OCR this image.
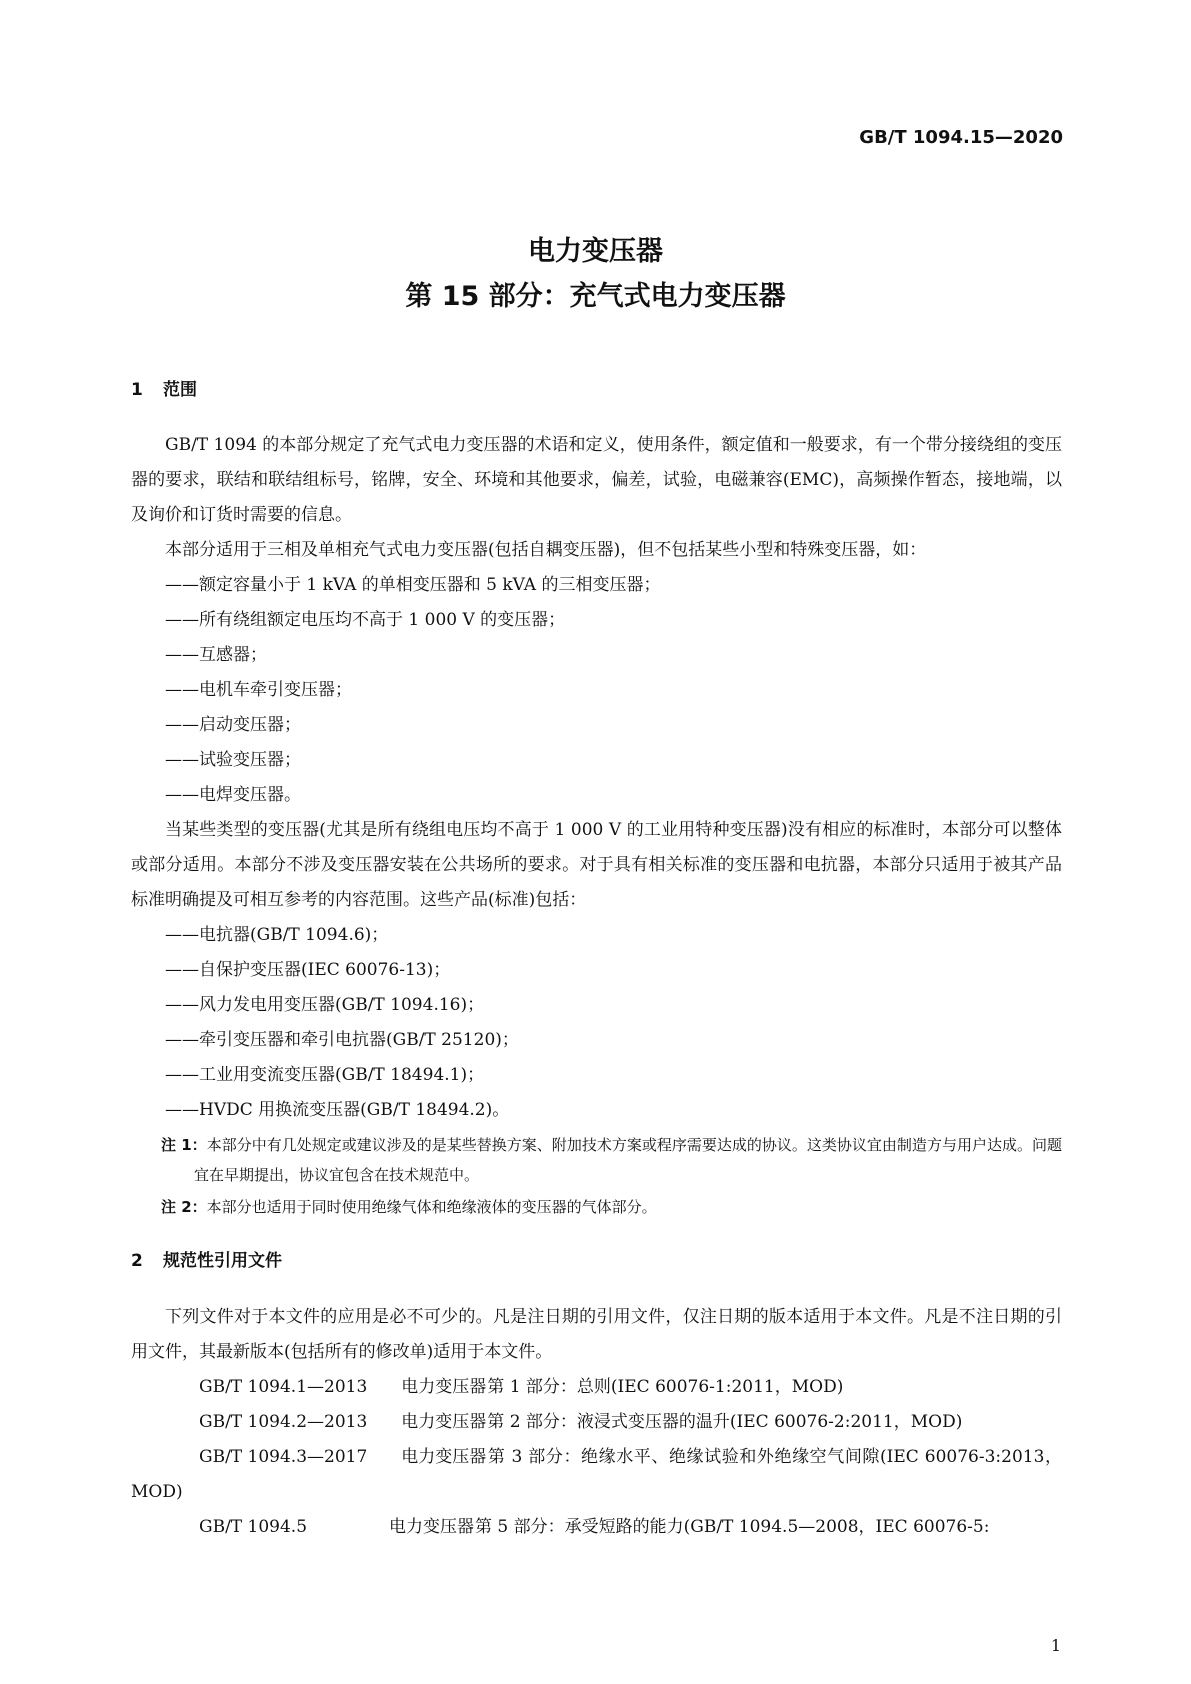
GB/T 1094.15—2020
电力变压器
第 15 部分：充气式电力变压器
1 范围

GB/T 1094 的本部分规定了充气式电力变压器的术语和定义，使用条件，额定值和一般要求，有一个带分接绕组的变压器的要求，联结和联结组标号，铭牌，安全、环境和其他要求，偏差，试验，电磁兼容(EMC)，高频操作暂态，接地端，以及询价和订货时需要的信息。

本部分适用于三相及单相充气式电力变压器(包括自耦变压器)，但不包括某些小型和特殊变压器，如：

——额定容量小于 1 kVA 的单相变压器和 5 kVA 的三相变压器；

——所有绕组额定电压均不高于 1 000 V 的变压器；

——互感器；

——电机车牵引变压器；

——启动变压器；

——试验变压器；

——电焊变压器。

当某些类型的变压器(尤其是所有绕组电压均不高于 1 000 V 的工业用特种变压器)没有相应的标准时，本部分可以整体或部分适用。本部分不涉及变压器安装在公共场所的要求。对于具有相关标准的变压器和电抗器，本部分只适用于被其产品标准明确提及可相互参考的内容范围。这些产品(标准)包括：

——电抗器(GB/T 1094.6)；

——自保护变压器(IEC 60076-13)；

——风力发电用变压器(GB/T 1094.16)；

——牵引变压器和牵引电抗器(GB/T 25120)；

——工业用变流变压器(GB/T 18494.1)；

——HVDC 用换流变压器(GB/T 18494.2)。

注 1：本部分中有几处规定或建议涉及的是某些替换方案、附加技术方案或程序需要达成的协议。这类协议宜由制造方与用户达成。问题宜在早期提出，协议宜包含在技术规范中。
注 2：本部分也适用于同时使用绝缘气体和绝缘液体的变压器的气体部分。
2 规范性引用文件

下列文件对于本文件的应用是必不可少的。凡是注日期的引用文件，仅注日期的版本适用于本文件。凡是不注日期的引用文件，其最新版本(包括所有的修改单)适用于本文件。

GB/T 1094.1—2013 电力变压器第 1 部分：总则(IEC 60076-1:2011，MOD)

GB/T 1094.2—2013 电力变压器第 2 部分：液浸式变压器的温升(IEC 60076-2:2011，MOD)

GB/T 1094.3—2017 电力变压器第 3 部分：绝缘水平、绝缘试验和外绝缘空气间隙(IEC 60076-3:2013，MOD)

GB/T 1094.5	电力变压器第 5 部分：承受短路的能力(GB/T 1094.5—2008，IEC 60076-5:

1
